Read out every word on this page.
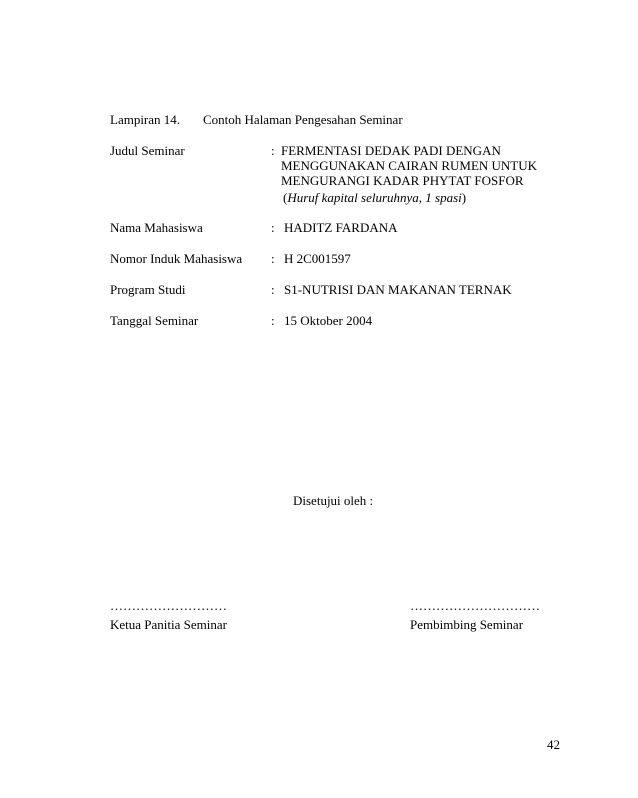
Lampiran 14. Contoh Halaman Pengesahan Seminar
Judul Seminar	: FERMENTASI DEDAK PADI DENGAN
MENGGUNAKAN CAIRAN RUMEN UNTUK
MENGURANGI KADAR PHYTAT FOSFOR
(Huruf kapital seluruhnya, 1 spasi)
Nama Mahasiswa	: HADITZ FARDANA
Nomor Induk Mahasiswa : H 2C001597
Program Studi	: S1-NUTRISI DAN MAKANAN TERNAK
Tanggal Seminar	: 15 Oktober 2004
Disetujui oleh :
………………………
Ketua Panitia Seminar
…………………………
Pembimbing Seminar
42
